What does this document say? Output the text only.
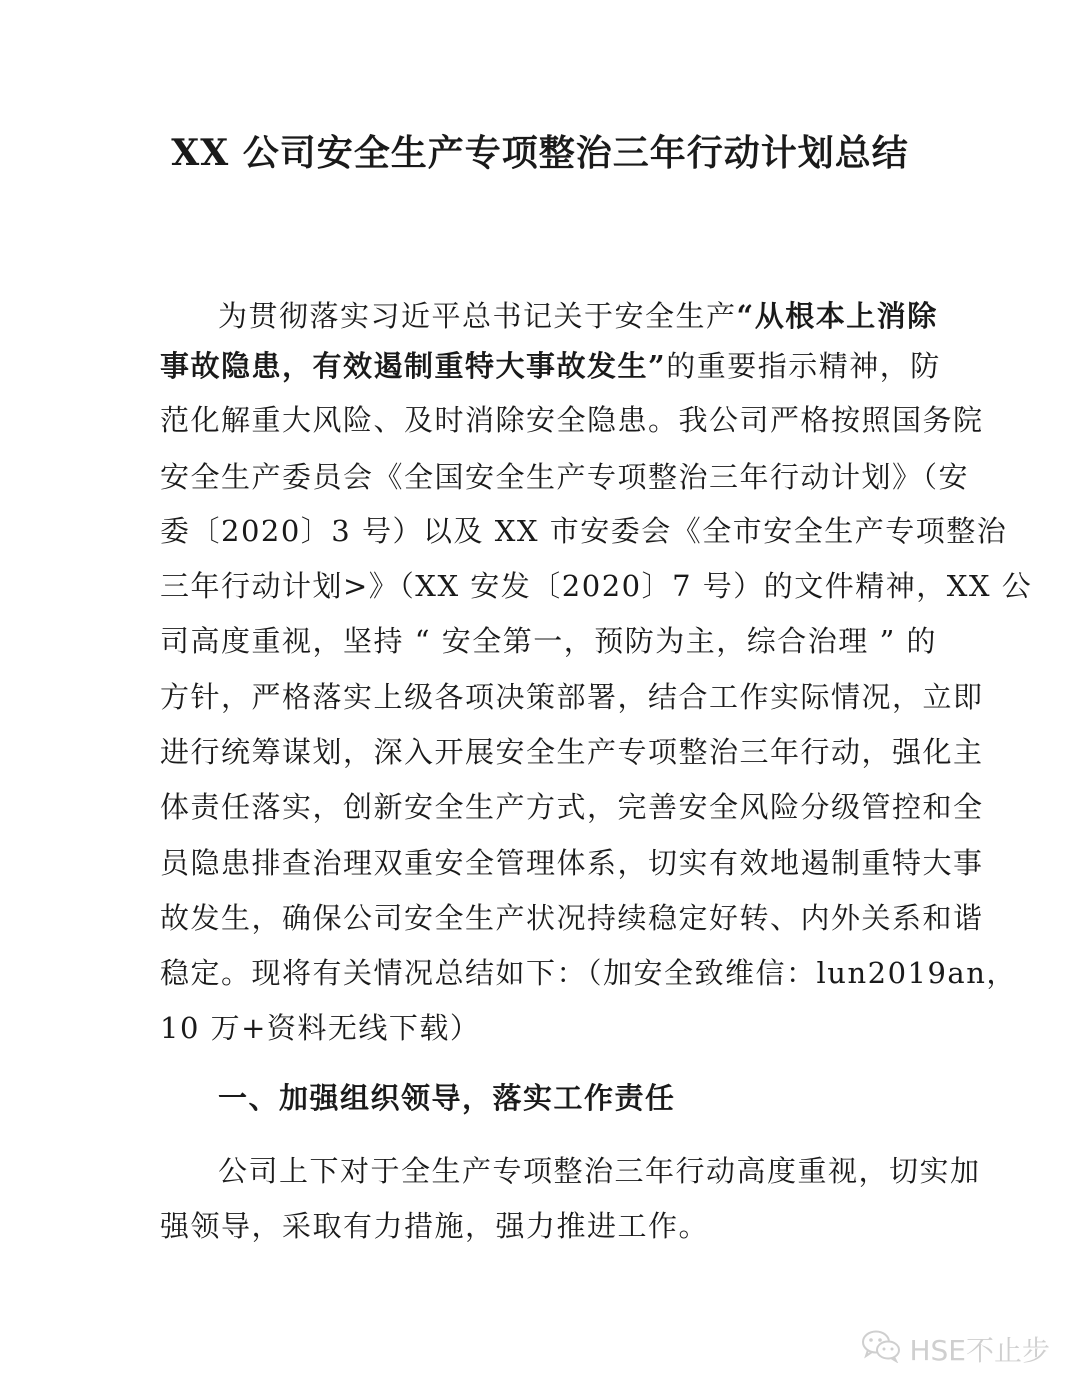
XX 公司安全生产专项整治三年行动计划总结
为贯彻落实习近平总书记关于安全生产“从根本上消除
事故隐患，有效遏制重特大事故发生”的重要指示精神，防
范化解重大风险、及时消除安全隐患。我公司严格按照国务院
安全生产委员会《全国安全生产专项整治三年行动计划》（安
委〔2020〕3 号）以及 XX 市安委会《全市安全生产专项整治
三年行动计划>》（XX 安发〔2020〕7 号）的文件精神，XX 公
司高度重视，坚持 “ 安全第一，预防为主，综合治理 ” 的
方针，严格落实上级各项决策部署，结合工作实际情况，立即
进行统筹谋划，深入开展安全生产专项整治三年行动，强化主
体责任落实，创新安全生产方式，完善安全风险分级管控和全
员隐患排查治理双重安全管理体系，切实有效地遏制重特大事
故发生，确保公司安全生产状况持续稳定好转、内外关系和谐
稳定。现将有关情况总结如下：（加安全致维信：lun2019an，
10 万+资料无线下载）
一、加强组织领导，落实工作责任
公司上下对于全生产专项整治三年行动高度重视，切实加
强领导，采取有力措施，强力推进工作。
HSE不止步
